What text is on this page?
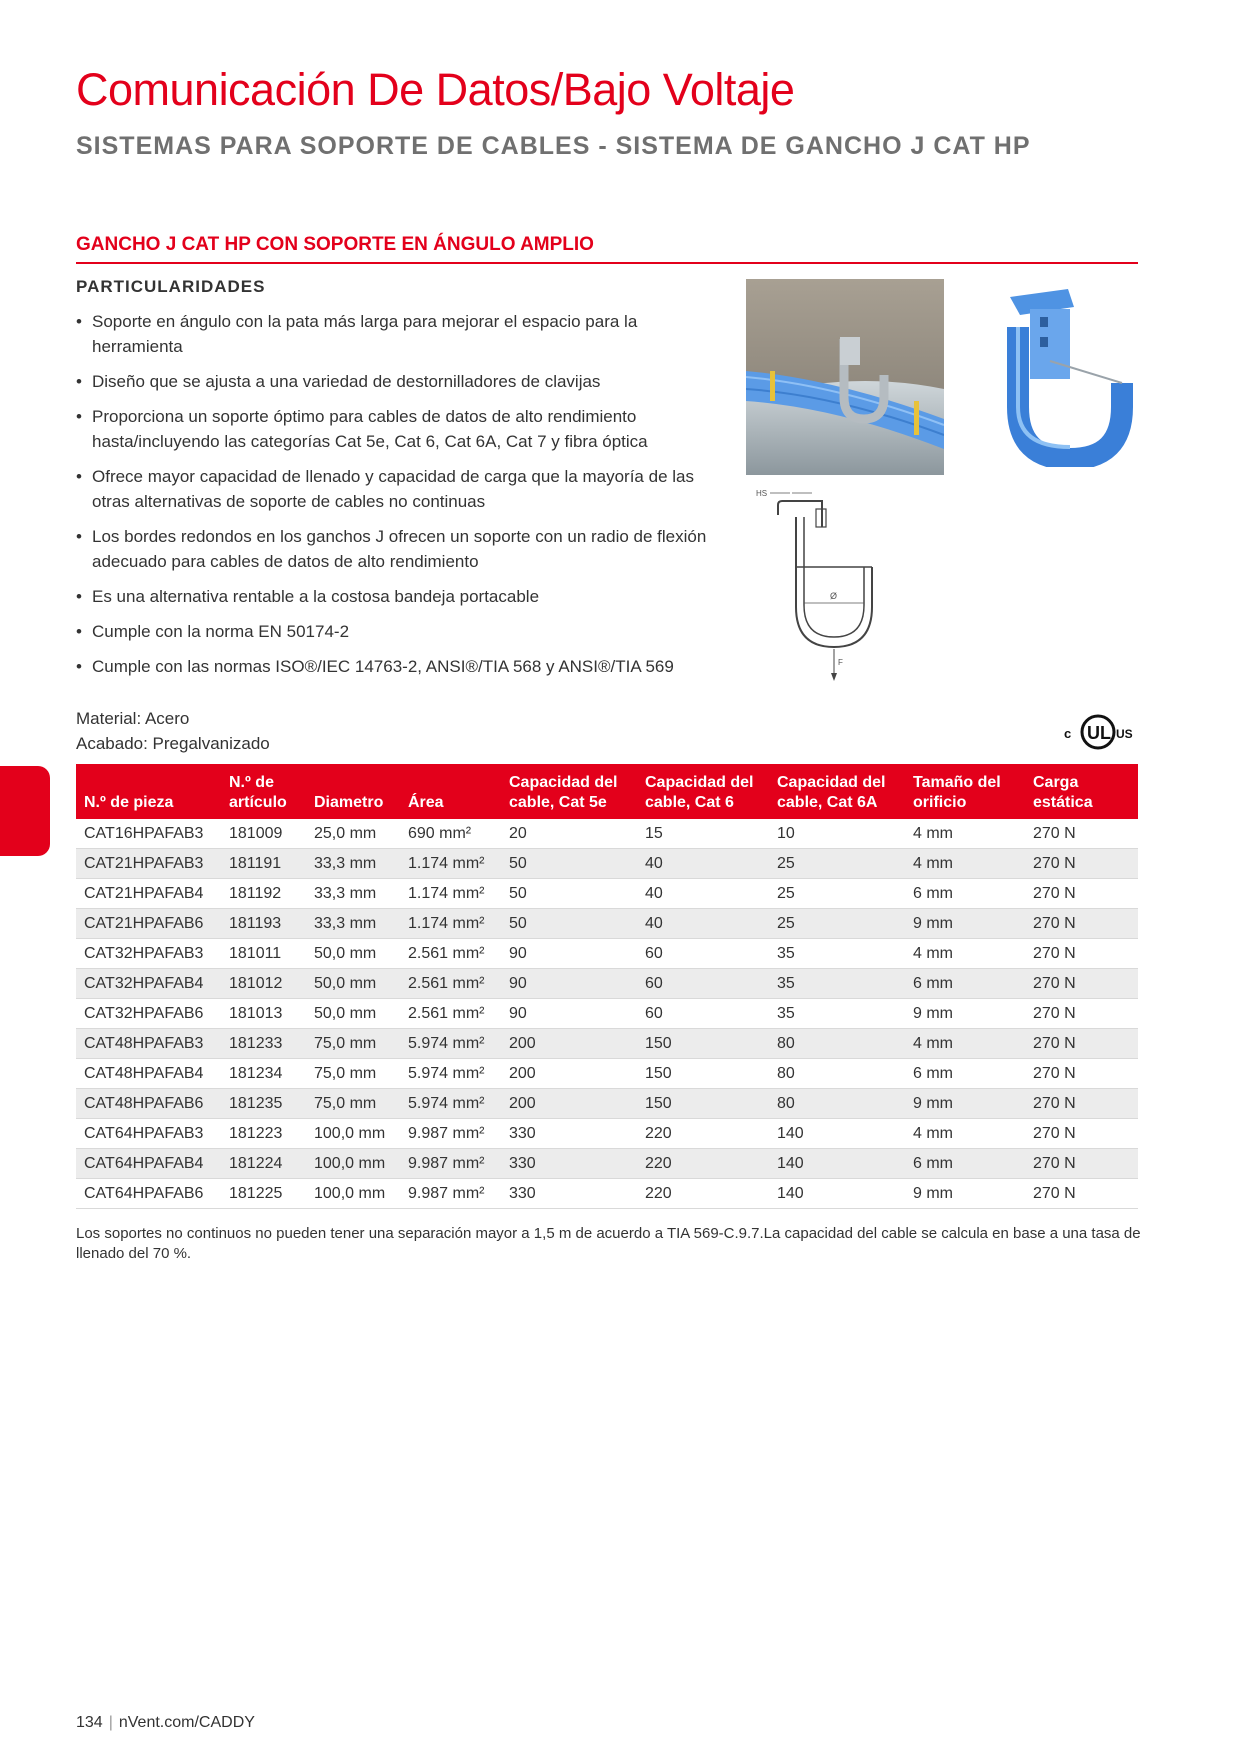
Comunicación De Datos/Bajo Voltaje
SISTEMAS PARA SOPORTE DE CABLES - SISTEMA DE GANCHO J CAT HP
GANCHO J CAT HP CON SOPORTE EN ÁNGULO AMPLIO
PARTICULARIDADES
• Soporte en ángulo con la pata más larga para mejorar el espacio para la herramienta
• Diseño que se ajusta a una variedad de destornilladores de clavijas
• Proporciona un soporte óptimo para cables de datos de alto rendimiento hasta/incluyendo las categorías Cat 5e, Cat 6, Cat 6A, Cat 7 y fibra óptica
• Ofrece mayor capacidad de llenado y capacidad de carga que la mayoría de las otras alternativas de soporte de cables no continuas
• Los bordes redondos en los ganchos J ofrecen un soporte con un radio de flexión adecuado para cables de datos de alto rendimiento
• Es una alternativa rentable a la costosa bandeja portacable
• Cumple con la norma EN 50174-2
• Cumple con las normas ISO®/IEC 14763-2, ANSI®/TIA 568 y ANSI®/TIA 569
HS
Ø
F
Material: Acero
Acabado: Pregalvanizado
c UL US
N.º de pieza	N.º de artículo	Diametro	Área	Capacidad del cable, Cat 5e	Capacidad del cable, Cat 6	Capacidad del cable, Cat 6A	Tamaño del orificio	Carga estática
CAT16HPAFAB3	181009	25,0 mm	690 mm²	20	15	10	4 mm	270 N
CAT21HPAFAB3	181191	33,3 mm	1.174 mm²	50	40	25	4 mm	270 N
CAT21HPAFAB4	181192	33,3 mm	1.174 mm²	50	40	25	6 mm	270 N
CAT21HPAFAB6	181193	33,3 mm	1.174 mm²	50	40	25	9 mm	270 N
CAT32HPAFAB3	181011	50,0 mm	2.561 mm²	90	60	35	4 mm	270 N
CAT32HPAFAB4	181012	50,0 mm	2.561 mm²	90	60	35	6 mm	270 N
CAT32HPAFAB6	181013	50,0 mm	2.561 mm²	90	60	35	9 mm	270 N
CAT48HPAFAB3	181233	75,0 mm	5.974 mm²	200	150	80	4 mm	270 N
CAT48HPAFAB4	181234	75,0 mm	5.974 mm²	200	150	80	6 mm	270 N
CAT48HPAFAB6	181235	75,0 mm	5.974 mm²	200	150	80	9 mm	270 N
CAT64HPAFAB3	181223	100,0 mm	9.987 mm²	330	220	140	4 mm	270 N
CAT64HPAFAB4	181224	100,0 mm	9.987 mm²	330	220	140	6 mm	270 N
CAT64HPAFAB6	181225	100,0 mm	9.987 mm²	330	220	140	9 mm	270 N
Los soportes no continuos no pueden tener una separación mayor a 1,5 m de acuerdo a TIA 569-C.9.7.La capacidad del cable se calcula en base a una tasa de llenado del 70 %.
134 | nVent.com/CADDY
